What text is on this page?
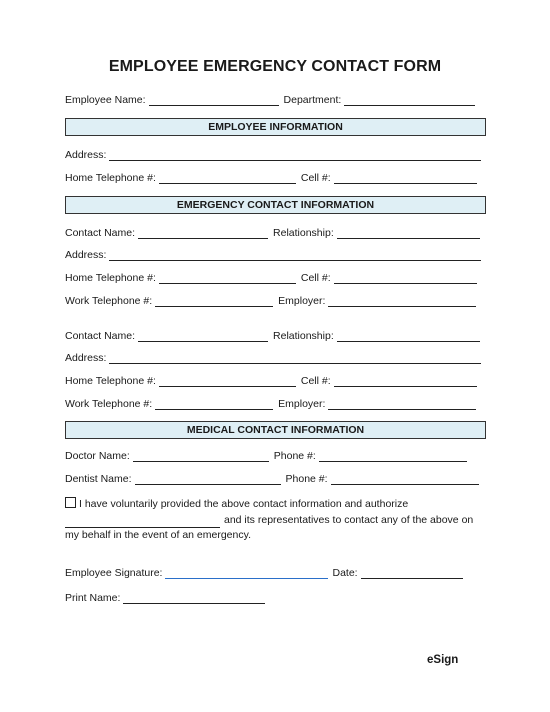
EMPLOYEE EMERGENCY CONTACT FORM
Employee Name:	Department:
EMPLOYEE INFORMATION
Address:
Home Telephone #:	Cell #:
EMERGENCY CONTACT INFORMATION
Contact Name:	Relationship:
Address:
Home Telephone #:	Cell #:
Work Telephone #:	Employer:
Contact Name:	Relationship:
Address:
Home Telephone #:	Cell #:
Work Telephone #:	Employer:
MEDICAL CONTACT INFORMATION
Doctor Name:	Phone #:
Dentist Name:	Phone #:
I have voluntarily provided the above contact information and authorize
and its representatives to contact any of the above on
my behalf in the event of an emergency.
Employee Signature:	Date:
Print Name:
eSign
